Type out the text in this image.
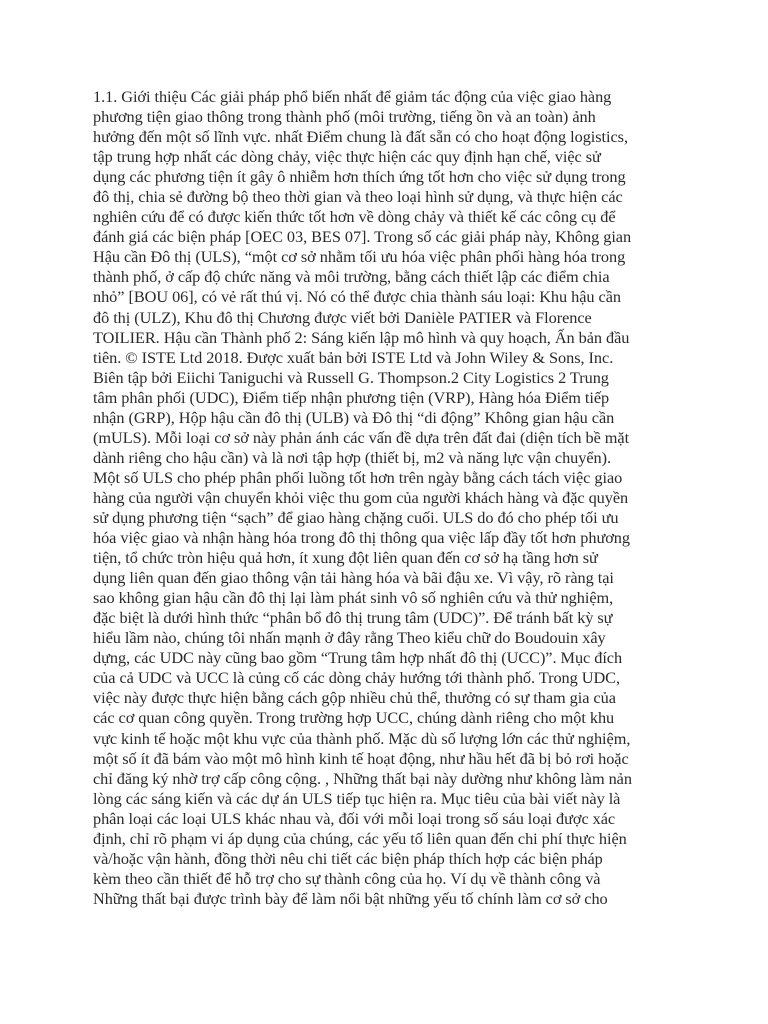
1.1. Giới thiệu Các giải pháp phổ biến nhất để giảm tác động của việc giao hàng
phương tiện giao thông trong thành phố (môi trường, tiếng ồn và an toàn) ảnh
hưởng đến một số lĩnh vực. nhất Điểm chung là đất sẵn có cho hoạt động logistics,
tập trung hợp nhất các dòng chảy, việc thực hiện các quy định hạn chế, việc sử
dụng các phương tiện ít gây ô nhiễm hơn thích ứng tốt hơn cho việc sử dụng trong
đô thị, chia sẻ đường bộ theo thời gian và theo loại hình sử dụng, và thực hiện các
nghiên cứu để có được kiến thức tốt hơn về dòng chảy và thiết kế các công cụ để
đánh giá các biện pháp [OEC 03, BES 07]. Trong số các giải pháp này, Không gian
Hậu cần Đô thị (ULS), “một cơ sở nhằm tối ưu hóa việc phân phối hàng hóa trong
thành phố, ở cấp độ chức năng và môi trường, bằng cách thiết lập các điểm chia
nhỏ” [BOU 06], có vẻ rất thú vị. Nó có thể được chia thành sáu loại: Khu hậu cần
đô thị (ULZ), Khu đô thị Chương được viết bởi Danièle PATIER và Florence
TOILIER. Hậu cần Thành phố 2: Sáng kiến lập mô hình và quy hoạch, Ấn bản đầu
tiên. © ISTE Ltd 2018. Được xuất bản bởi ISTE Ltd và John Wiley & Sons, Inc.
Biên tập bởi Eiichi Taniguchi và Russell G. Thompson.2 City Logistics 2 Trung
tâm phân phối (UDC), Điểm tiếp nhận phương tiện (VRP), Hàng hóa Điểm tiếp
nhận (GRP), Hộp hậu cần đô thị (ULB) và Đô thị “di động” Không gian hậu cần
(mULS). Mỗi loại cơ sở này phản ánh các vấn đề dựa trên đất đai (diện tích bề mặt
dành riêng cho hậu cần) và là nơi tập hợp (thiết bị, m2 và năng lực vận chuyển).
Một số ULS cho phép phân phối luồng tốt hơn trên ngày bằng cách tách việc giao
hàng của người vận chuyển khỏi việc thu gom của người khách hàng và đặc quyền
sử dụng phương tiện “sạch” để giao hàng chặng cuối. ULS do đó cho phép tối ưu
hóa việc giao và nhận hàng hóa trong đô thị thông qua việc lấp đầy tốt hơn phương
tiện, tổ chức tròn hiệu quả hơn, ít xung đột liên quan đến cơ sở hạ tầng hơn sử
dụng liên quan đến giao thông vận tải hàng hóa và bãi đậu xe. Vì vậy, rõ ràng tại
sao không gian hậu cần đô thị lại làm phát sinh vô số nghiên cứu và thử nghiệm,
đặc biệt là dưới hình thức “phân bổ đô thị trung tâm (UDC)”. Để tránh bất kỳ sự
hiểu lầm nào, chúng tôi nhấn mạnh ở đây rằng Theo kiểu chữ do Boudouin xây
dựng, các UDC này cũng bao gồm “Trung tâm hợp nhất đô thị (UCC)”. Mục đích
của cả UDC và UCC là củng cố các dòng chảy hướng tới thành phố. Trong UDC,
việc này được thực hiện bằng cách gộp nhiều chủ thể, thưởng có sự tham gia của
các cơ quan công quyền. Trong trường hợp UCC, chúng dành riêng cho một khu
vực kinh tế hoặc một khu vực của thành phố. Mặc dù số lượng lớn các thử nghiệm,
một số ít đã bám vào một mô hình kinh tế hoạt động, như hầu hết đã bị bỏ rơi hoặc
chỉ đăng ký nhờ trợ cấp công cộng. , Những thất bại này dường như không làm nản
lòng các sáng kiến và các dự án ULS tiếp tục hiện ra. Mục tiêu của bài viết này là
phân loại các loại ULS khác nhau và, đối với mỗi loại trong số sáu loại được xác
định, chỉ rõ phạm vi áp dụng của chúng, các yếu tố liên quan đến chi phí thực hiện
và/hoặc vận hành, đồng thời nêu chi tiết các biện pháp thích hợp các biện pháp
kèm theo cần thiết để hỗ trợ cho sự thành công của họ. Ví dụ về thành công và
Những thất bại được trình bày để làm nổi bật những yếu tố chính làm cơ sở cho
